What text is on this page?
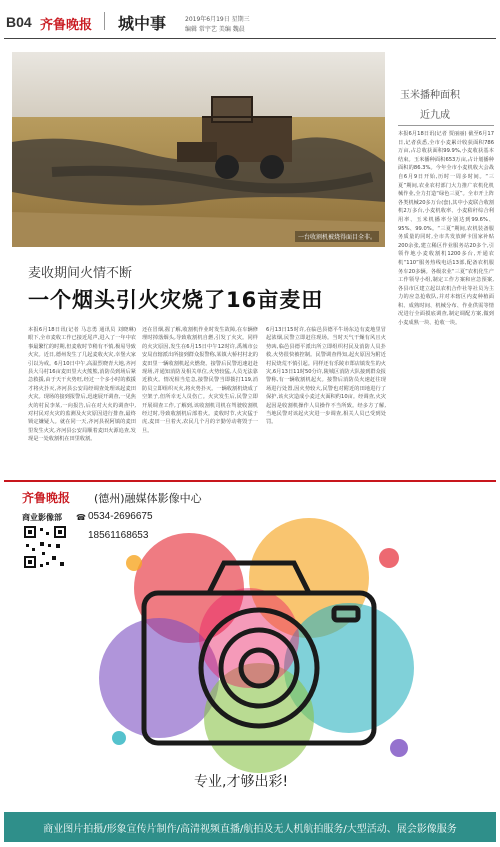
B04 齐鲁晚报 城中事	2019年6月19日 星期三
编辑 常宇艺 美编 魏晨
一台收割机被烧得面目全非。
玉米播种面积
近九成
本报6月18日讯(记者 贾丽丽) 截至6月17日,记者获悉,全市小麦累计收获面积786万亩,占总收获面积99.9%,小麦收获基本结束。玉米播种面积653万亩,占计划播种面积的86.3%。今年全市小麦机收大会战自6月9日开始,历时一周多时间。“三夏”期间,农业农村部门大力推广农机化机械作业,全力打造“绿色三夏”。全市开上阵各类机械20多万台(套),其中小麦联合收割机2万多台,小麦机收率、小麦秸秆综合利用率、玉米机播率分别达到99.6%、95%、99.0%。“三夏”期间,农机装备服务质量的同时,全市共发放鲜卡国家补贴200余张,建立稀区作业服务站20多个,引领作地小麦收割机1200多台,开通农机“110”服务热线电话13部,配备农机服务车20多辆。各级农业“三夏”农机化生产工作领导小组,制定工作方案和应急预案,各县市区建立起以农机合作社等社员为主力的应急抢收队,并对本辖区内麦种植面积、成熟时间、机械分布、作业供需等情况进行全面摸底调查,制定调配方案,做到小麦成熟一块、抢收一块。
麦收期间火情不断
一个烟头引火灾烧了16亩麦田
本报6月18日讯(记者 马志勇 通讯员 刘晓琳) 眼下,全市麦收工作已接近尾声,进入了一年中农事最繁忙的时期,但麦收时节稍有不慎,极易导致火灾。近日,德州发生了几起麦收火灾,幸堡大家引以为戒。6月10日中午,高温烈晓青大地,齐河县大马村16亩麦田里大火熊熊,消防员到场后紧急救援,由于天干火势旺,经过一个多小时的救援才将火扑灭,齐河县公安局经调查处理该起麦田火灾。现场的接到报警后,迅速展开调查,一见焦火的村民李某,一向报告,后在对大火的调查中,对村民对火灾的监测及火灾原因进行排查,最终锁定嫌疑人。就在同一天,齐河县祝阿镇的麦田里发生火灾,齐河县公安局顺着麦田火源追查,发现是一处收割机在田里收割。
还在冒烟,握了解,收割机作业时发生故障,在车辆修理时掉落烟头,导致收割机自燃,引发了火灾。同样的火灾原因,发生在6月15日中午12时许,禹城市公安局直辖派出所接到群众报警称,某镇大桥村村北的麦田里一辆收割机起火燃烧。接警后民警迅速赶赴现场,并通知消防及相关单位,火势较猛,人员无法靠近救火。情况相当危急,接警民警当即拨打119,消防员立即组织灭火,将火势扑灭。一辆收割机烧成了空架子,但所幸无人员伤亡。火灾发生后,民警立即开展调查工作,了解到,该收割机司机在驾驶收割机经过时,导致收割机后部着火。麦收时节,火灾猛于虎,麦田一旦着火,农民几个月的辛勤劳动将毁于一旦。
6月13日15时许,在临邑县德平牛场东边有麦地里冒起浓烟,民警立即赶往现场。当时天气干燥有风且火势凶,临邑县德平派出所立即组织村民及消防人员扑救,火势很快被控制。民警调查得知,起火原因为附近村民烧荒不慎引起。同样还有乐陵市郑店镇发生的火灾,6月13日11时50分许,陵城区消防大队接到群众报警称,有一辆收割机起火。接警后消防员火速赶往现场进行处置,因火势较大,民警也对附近的田地进行了保护,该火灾造成小麦过火面积约10亩。经调查,火灾起因是收割机操作人员操作不当所致。经多方了解,当地民警对该起火灾进一步调查,相关人员已受到处罚。
齐鲁晚报 (德州)融媒体影像中心
商业影像部 ☎ 0534-2696675
18561168653
专业,才够出彩!
商业图片拍摄/形象宣传片制作/高清视频直播/航拍及无人机航拍服务/大型活动、展会影像服务
